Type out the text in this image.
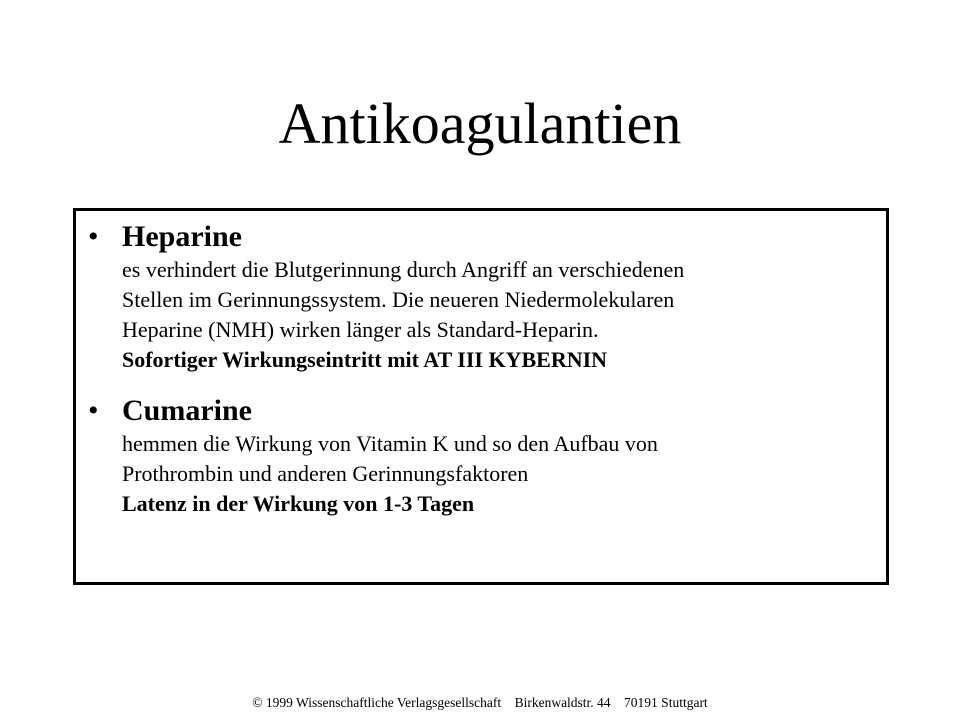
Antikoagulantien
• Heparine
es verhindert die Blutgerinnung durch Angriff an verschiedenen
Stellen im Gerinnungssystem. Die neueren Niedermolekularen
Heparine (NMH) wirken länger als Standard-Heparin.
Sofortiger Wirkungseintritt mit AT III KYBERNIN
• Cumarine
hemmen die Wirkung von Vitamin K und so den Aufbau von
Prothrombin und anderen Gerinnungsfaktoren
Latenz in der Wirkung von 1-3 Tagen
© 1999 Wissenschaftliche Verlagsgesellschaft    Birkenwaldstr. 44    70191 Stuttgart
